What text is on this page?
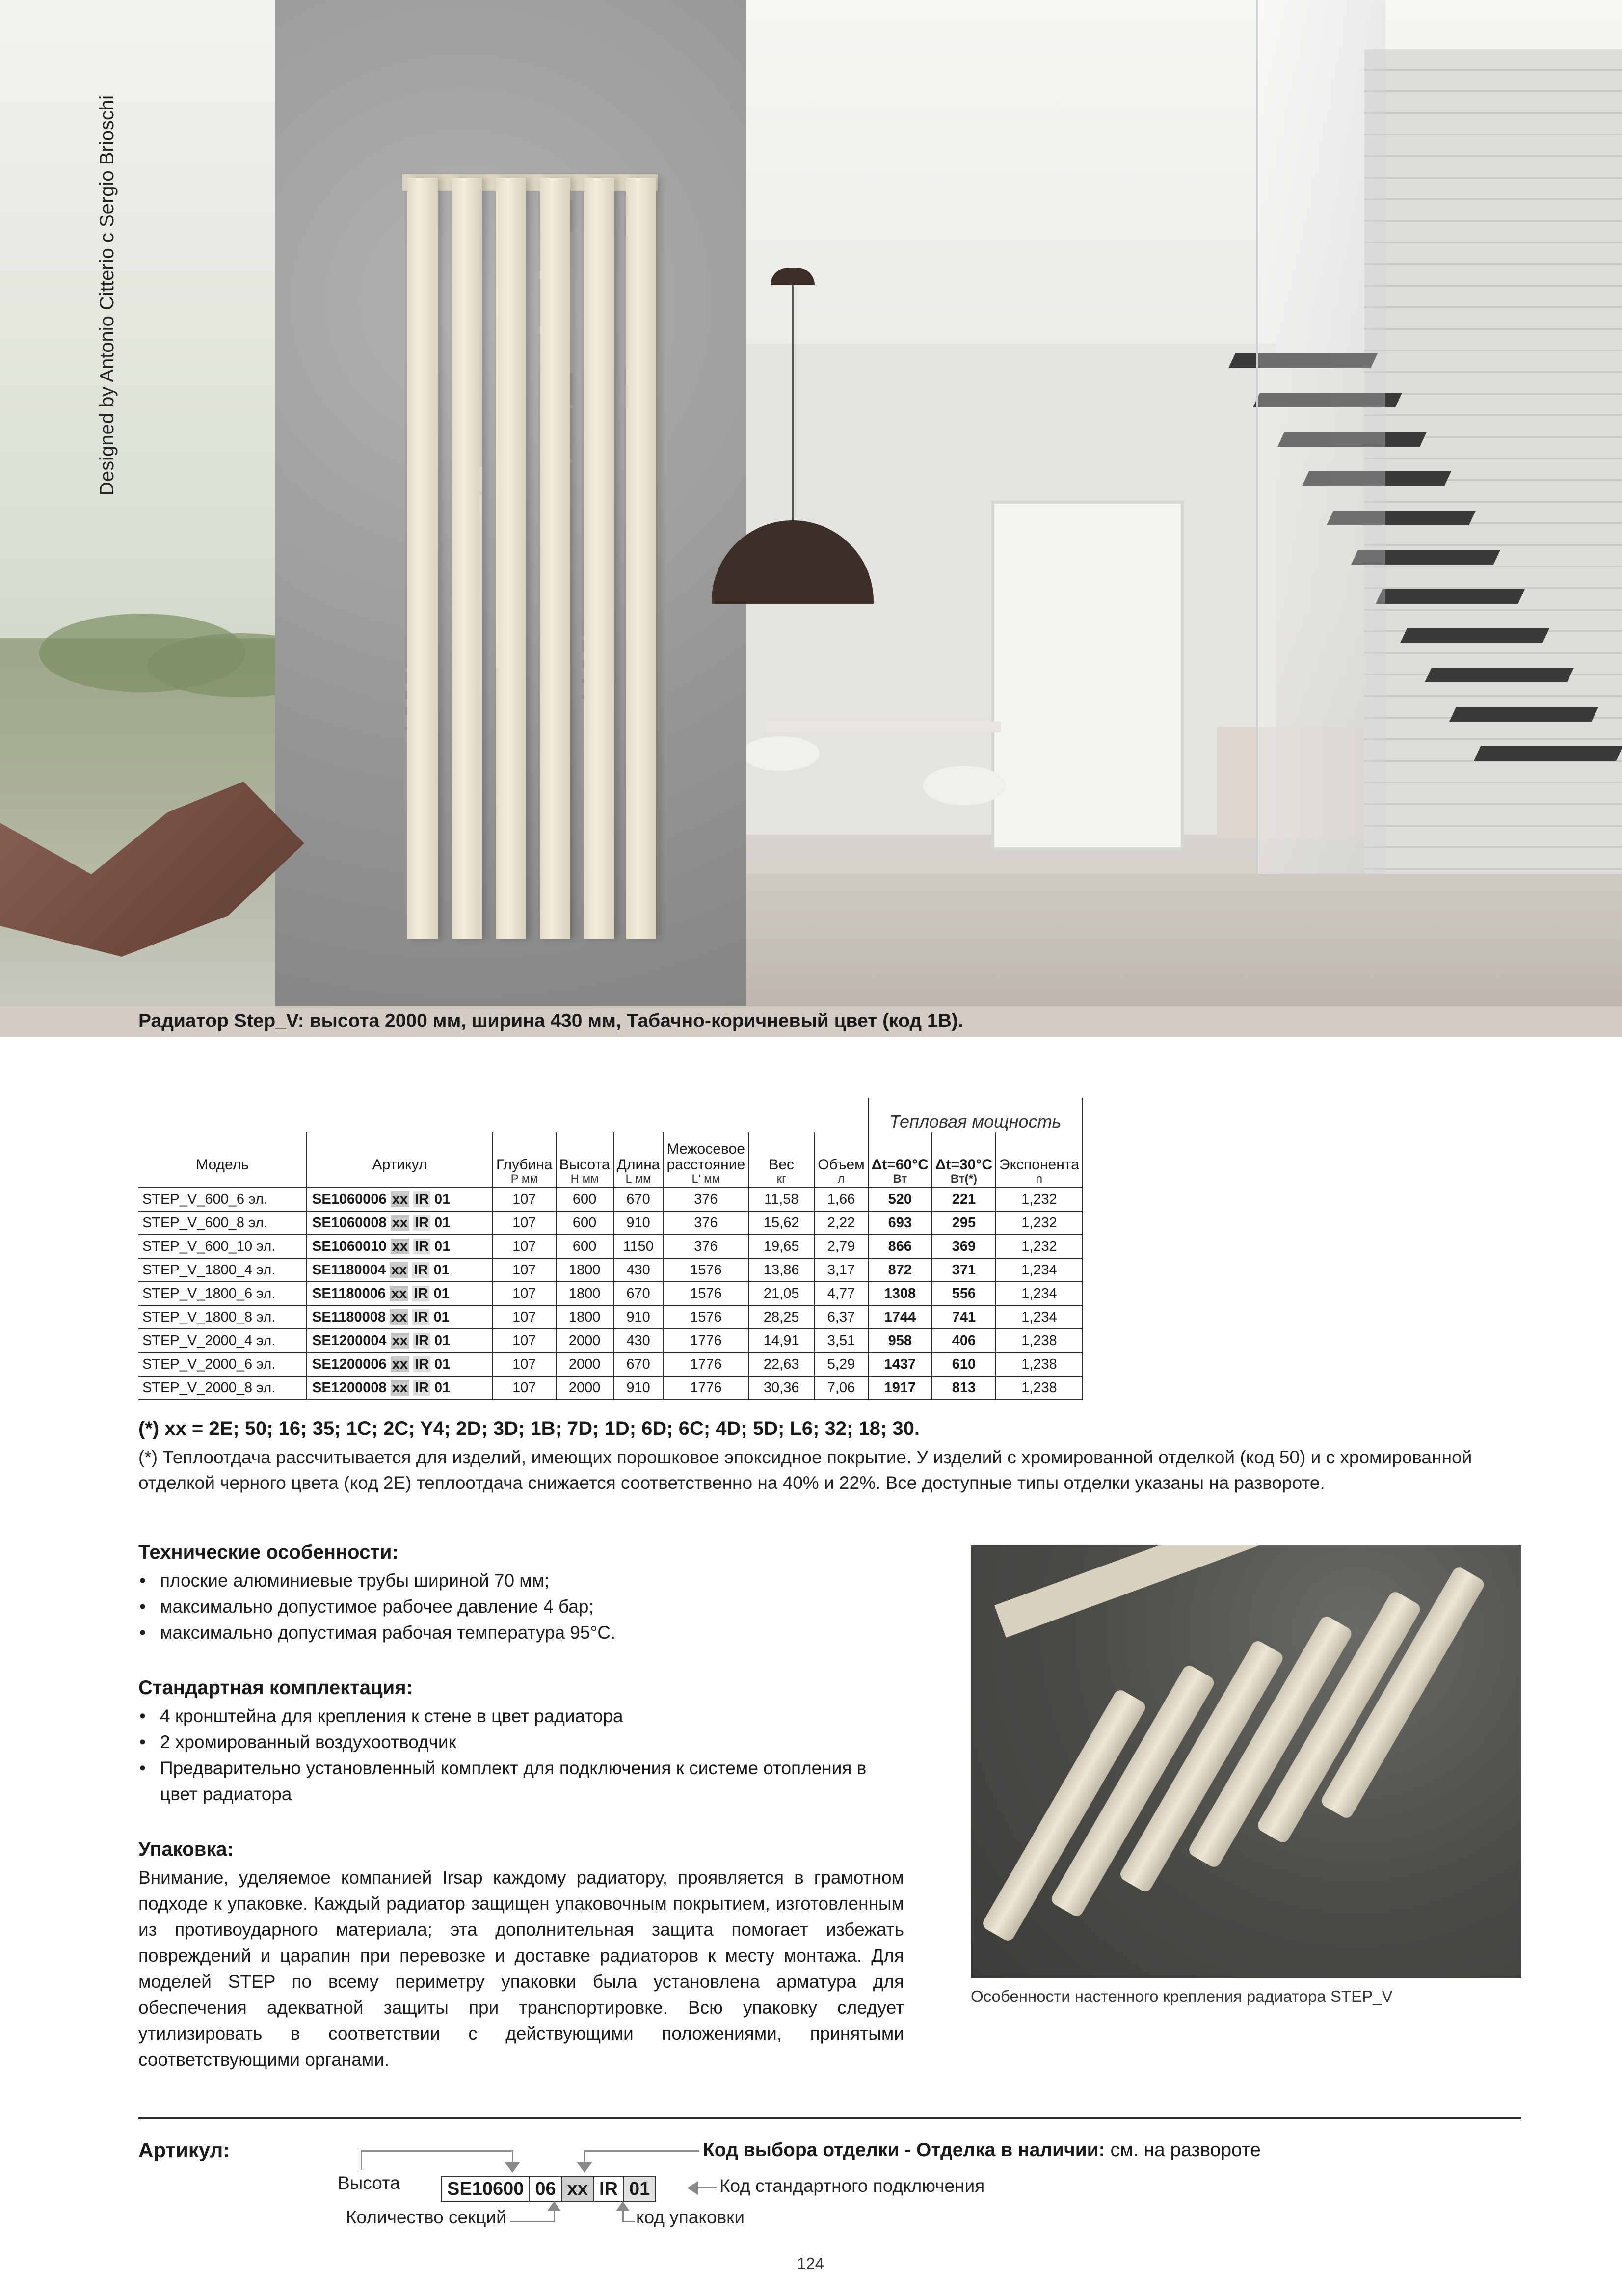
Designed by Antonio Citterio c Sergio Brioschi
Радиатор Step_V: высота 2000 мм, ширина 430 мм, Табачно-коричневый цвет (код 1В).
								Тепловая мощность		
Модель	Артикул	Глубина	Высота	Длина	Межосевое расстояние	Вес	Объем	Δt=60°C	Δt=30°C	Экспонента
		P мм	H мм	L мм	L' мм	кг	л	Вт	Вт(*)	n
STEP_V_600_6 эл.	SE1060006 xx IR 01	107	600	670	376	11,58	1,66	520	221	1,232
STEP_V_600_8 эл.	SE1060008 xx IR 01	107	600	910	376	15,62	2,22	693	295	1,232
STEP_V_600_10 эл.	SE1060010 xx IR 01	107	600	1150	376	19,65	2,79	866	369	1,232
STEP_V_1800_4 эл.	SE1180004 xx IR 01	107	1800	430	1576	13,86	3,17	872	371	1,234
STEP_V_1800_6 эл.	SE1180006 xx IR 01	107	1800	670	1576	21,05	4,77	1308	556	1,234
STEP_V_1800_8 эл.	SE1180008 xx IR 01	107	1800	910	1576	28,25	6,37	1744	741	1,234
STEP_V_2000_4 эл.	SE1200004 xx IR 01	107	2000	430	1776	14,91	3,51	958	406	1,238
STEP_V_2000_6 эл.	SE1200006 xx IR 01	107	2000	670	1776	22,63	5,29	1437	610	1,238
STEP_V_2000_8 эл.	SE1200008 xx IR 01	107	2000	910	1776	30,36	7,06	1917	813	1,238

(*) xx = 2E; 50; 16; 35; 1C; 2C; Y4; 2D; 3D; 1B; 7D; 1D; 6D; 6C; 4D; 5D; L6; 32; 18; 30.

(*) Теплоотдача рассчитывается для изделий, имеющих порошковое эпоксидное покрытие. У изделий с хромированной отделкой (код 50) и с хромированной отделкой черного цвета (код 2Е) теплоотдача снижается соответственно на 40% и 22%. Все доступные типы отделки указаны на развороте.

Технические особенности:
• плоские алюминиевые трубы шириной 70 мм;
• максимально допустимое рабочее давление 4 бар;
• максимально допустимая рабочая температура 95°С.
Стандартная комплектация:
• 4 кронштейна для крепления к стене в цвет радиатора
• 2 хромированный воздухоотводчик
• Предварительно установленный комплект для подключения к системе отопления в цвет радиатора
Упаковка:

Внимание, уделяемое компанией Irsap каждому радиатору, проявляется в грамотном подходе к упаковке. Каждый радиатор защищен упаковочным покрытием, изготовленным из противоударного материала; эта дополнительная защита помогает избежать повреждений и царапин при перевозке и доставке радиаторов к месту монтажа. Для моделей STEP по всему периметру упаковки была установлена арматура для обеспечения адекватной защиты при транспортировке. Всю упаковку следует утилизировать в соответствии с действующими положениями, принятыми соответствующими органами.

Особенности настенного крепления радиатора STEP_V
Артикул:	Код выбора отделки - Отделка в наличии: см. на развороте
Высота	SE10600 06 xx IR 01	Код стандартного подключения
Количество секций	код упаковки
124
